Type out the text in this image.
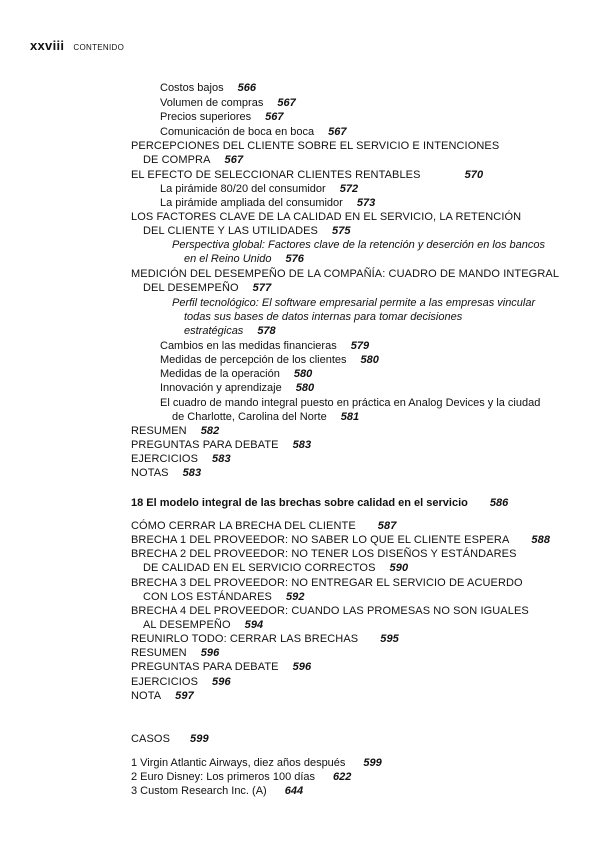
xxviii CONTENIDO
Costos bajos 566
Volumen de compras 567
Precios superiores 567
Comunicación de boca en boca 567
PERCEPCIONES DEL CLIENTE SOBRE EL SERVICIO E INTENCIONES
DE COMPRA 567
EL EFECTO DE SELECCIONAR CLIENTES RENTABLES	570
La pirámide 80/20 del consumidor 572
La pirámide ampliada del consumidor 573
LOS FACTORES CLAVE DE LA CALIDAD EN EL SERVICIO, LA RETENCIÓN
DEL CLIENTE Y LAS UTILIDADES 575
Perspectiva global: Factores clave de la retención y deserción en los bancos
en el Reino Unido 576
MEDICIÓN DEL DESEMPEÑO DE LA COMPAÑÍA: CUADRO DE MANDO INTEGRAL
DEL DESEMPEÑO 577
Perfil tecnológico: El software empresarial permite a las empresas vincular
todas sus bases de datos internas para tomar decisiones
estratégicas 578
Cambios en las medidas financieras 579
Medidas de percepción de los clientes 580
Medidas de la operación 580
Innovación y aprendizaje 580
El cuadro de mando integral puesto en práctica en Analog Devices y la ciudad
de Charlotte, Carolina del Norte 581
RESUMEN 582
PREGUNTAS PARA DEBATE 583
EJERCICIOS 583
NOTAS 583
18 El modelo integral de las brechas sobre calidad en el servicio 586
CÓMO CERRAR LA BRECHA DEL CLIENTE 587
BRECHA 1 DEL PROVEEDOR: NO SABER LO QUE EL CLIENTE ESPERA 588
BRECHA 2 DEL PROVEEDOR: NO TENER LOS DISEÑOS Y ESTÁNDARES
DE CALIDAD EN EL SERVICIO CORRECTOS 590
BRECHA 3 DEL PROVEEDOR: NO ENTREGAR EL SERVICIO DE ACUERDO
CON LOS ESTÁNDARES 592
BRECHA 4 DEL PROVEEDOR: CUANDO LAS PROMESAS NO SON IGUALES
AL DESEMPEÑO 594
REUNIRLO TODO: CERRAR LAS BRECHAS 595
RESUMEN 596
PREGUNTAS PARA DEBATE 596
EJERCICIOS 596
NOTA 597
CASOS 599
1 Virgin Atlantic Airways, diez años después 599
2 Euro Disney: Los primeros 100 días 622
3 Custom Research Inc. (A) 644
